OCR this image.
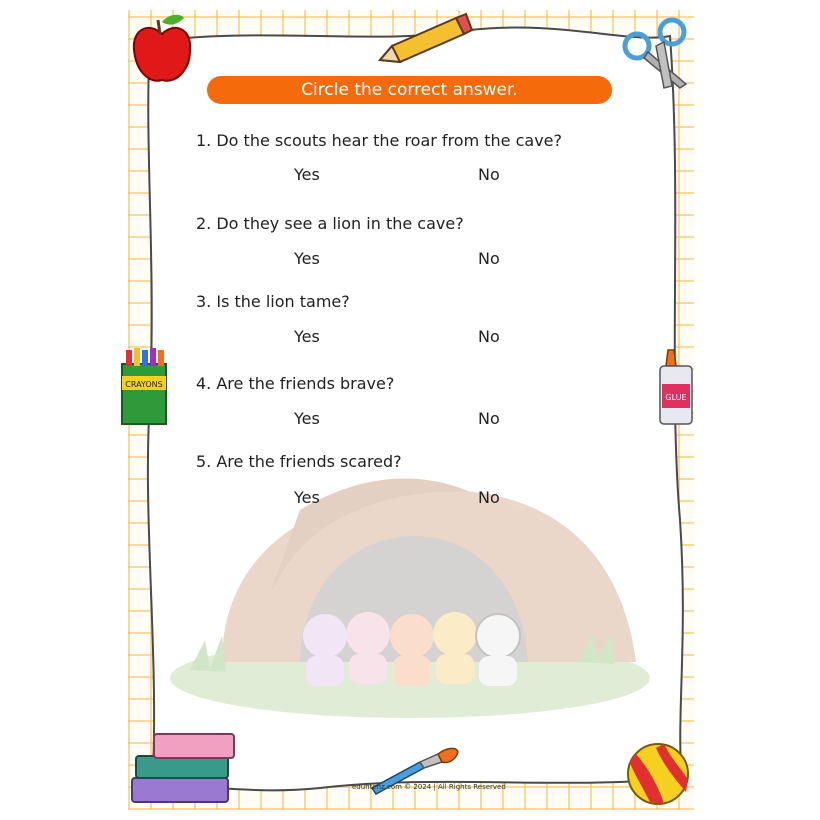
CRAYONS
GLUE
Circle the correct answer.
1. Do the scouts hear the roar from the cave?
Yes	No
2. Do they see a lion in the cave?
Yes	No
3. Is the lion tame?
Yes	No
4. Are the friends brave?
Yes	No
5. Are the friends scared?
Yes	No
edufitenz.com © 2024 | All Rights Reserved
